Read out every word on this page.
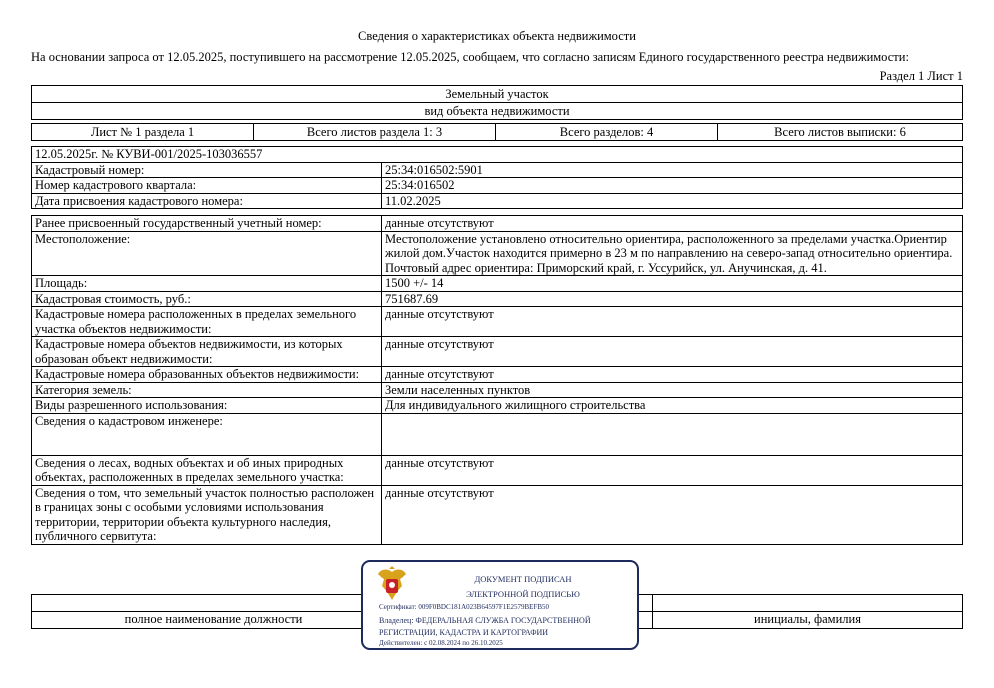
Сведения о характеристиках объекта недвижимости
На основании запроса от 12.05.2025, поступившего на рассмотрение 12.05.2025, сообщаем, что согласно записям Единого государственного реестра недвижимости:
Раздел 1 Лист 1
Земельный участок
вид объекта недвижимости
Лист № 1 раздела 1	Всего листов раздела 1: 3	Всего разделов: 4	Всего листов выписки: 6
12.05.2025г. № КУВИ-001/2025-103036557	
Кадастровый номер:	25:34:016502:5901
Номер кадастрового квартала:	25:34:016502
Дата присвоения кадастрового номера:	11.02.2025
Ранее присвоенный государственный учетный номер:	данные отсутствуют
Местоположение:	Местоположение установлено относительно ориентира, расположенного за пределами участка.Ориентир жилой дом.Участок находится примерно в 23 м по направлению на северо-запад относительно ориентира. Почтовый адрес ориентира: Приморский край, г. Уссурийск, ул. Анучинская, д. 41.
Площадь:	1500 +/- 14
Кадастровая стоимость, руб.:	751687.69
Кадастровые номера расположенных в пределах земельного участка объектов недвижимости:	данные отсутствуют
Кадастровые номера объектов недвижимости, из которых образован объект недвижимости:	данные отсутствуют
Кадастровые номера образованных объектов недвижимости:	данные отсутствуют
Категория земель:	Земли населенных пунктов
Виды разрешенного использования:	Для индивидуального жилищного строительства
Сведения о кадастровом инженере:	
Сведения о лесах, водных объектах и об иных природных объектах, расположенных в пределах земельного участка:	данные отсутствуют
Сведения о том, что земельный участок полностью расположен в границах зоны с особыми условиями использования территории, территории объекта культурного наследия, публичного сервитута:	данные отсутствуют

полное наименование должности		инициалы, фамилия
ДОКУМЕНТ ПОДПИСАН
ЭЛЕКТРОННОЙ ПОДПИСЬЮ
Сертификат: 009F0BDC181A023B64597F1E2579BEFB50
Владелец: ФЕДЕРАЛЬНАЯ СЛУЖБА ГОСУДАРСТВЕННОЙ
РЕГИСТРАЦИИ, КАДАСТРА И КАРТОГРАФИИ
Действителен: с 02.08.2024 по 26.10.2025
